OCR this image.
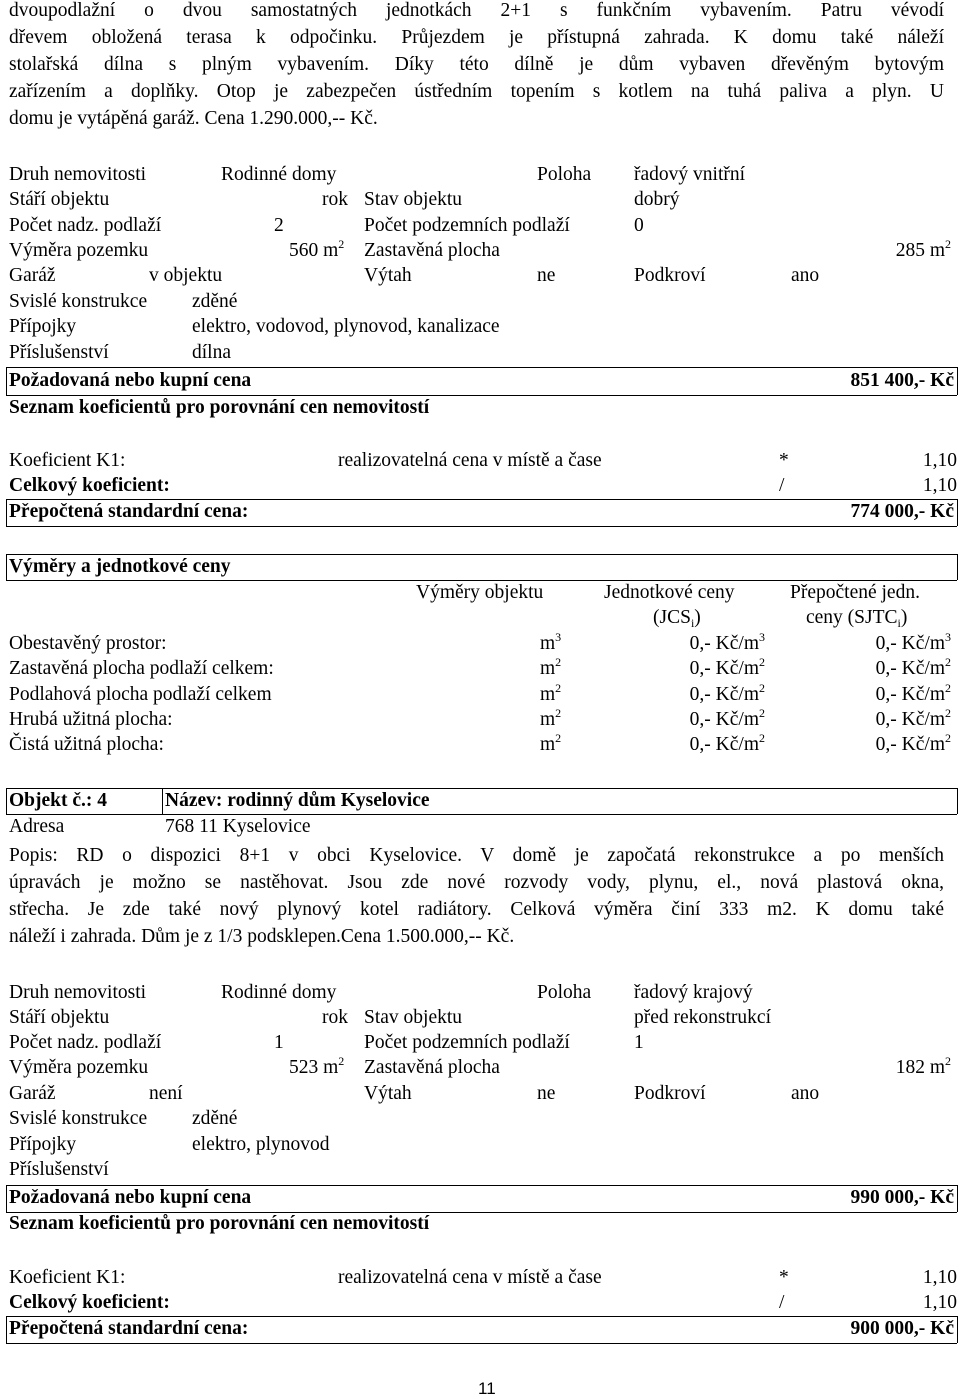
dvoupodlažní o dvou samostatných jednotkách 2+1 s funkčním vybavením. Patru vévodí
dřevem obložená terasa k odpočinku. Průjezdem je přístupná zahrada. K domu také náleží
stolařská dílna s plným vybavením. Díky této dílně je dům vybaven dřevěným bytovým
zařízením a doplňky. Otop je zabezpečen ústředním topením s kotlem na tuhá paliva a plyn. U
domu je vytápěná garáž. Cena 1.290.000,-- Kč.
Druh nemovitosti	Rodinné domy	Poloha řadový vnitřní
Stáří objektu	rok Stav objektu	dobrý
Počet nadz. podlaží	2	Počet podzemních podlaží	0
Výměra pozemku	560 $m^2$ Zastavěná plocha	285 $m^2$
Garáž	v objektu	Výtah	ne	Podkroví	ano
Svislé konstrukce zděné
Přípojky	elektro, vodovod, plynovod, kanalizace
Příslušenství	dílna
Požadovaná nebo kupní cena	851 400,- Kč
Seznam koeficientů pro porovnání cen nemovitostí
Koeficient K1:	realizovatelná cena v místě a čase	*	1,10
Celkový koeficient:	/	1,10
Přepočtená standardní cena:	774 000,- Kč
Výměry a jednotkové ceny
Výměry objektu	Jednotkové ceny	Přepočtené jedn.
$(JCS_i)$	ceny $(SJTC_i)$
Obestavěný prostor:	$m^3$	0,- $Kč/m^3$	0,- $Kč/m^3$
Zastavěná plocha podlaží celkem:	$m^2$	0,- $Kč/m^2$	0,- $Kč/m^2$
Podlahová plocha podlaží celkem	$m^2$	0,- $Kč/m^2$	0,- $Kč/m^2$
Hrubá užitná plocha:	$m^2$	0,- $Kč/m^2$	0,- $Kč/m^2$
Čistá užitná plocha:	$m^2$	0,- $Kč/m^2$	0,- $Kč/m^2$
Objekt č.: 4	Název: rodinný dům Kyselovice
Adresa	768 11 Kyselovice
Popis: RD o dispozici 8+1 v obci Kyselovice. V domě je započatá rekonstrukce a po menších
úpravách je možno se nastěhovat. Jsou zde nové rozvody vody, plynu, el., nová plastová okna,
střecha. Je zde také nový plynový kotel radiátory. Celková výměra činí 333 m2. K domu také
náleží i zahrada. Dům je z 1/3 podsklepen.Cena 1.500.000,-- Kč.
Druh nemovitosti	Rodinné domy	Poloha řadový krajový
Stáří objektu	rok Stav objektu	před rekonstrukcí
Počet nadz. podlaží	1	Počet podzemních podlaží	1
Výměra pozemku	523 $m^2$ Zastavěná plocha	182 $m^2$
Garáž	není	Výtah	ne	Podkroví	ano
Svislé konstrukce zděné
Přípojky	elektro, plynovod
Příslušenství
Požadovaná nebo kupní cena	990 000,- Kč
Seznam koeficientů pro porovnání cen nemovitostí
Koeficient K1:	realizovatelná cena v místě a čase	*	1,10
Celkový koeficient:	/	1,10
Přepočtená standardní cena:	900 000,- Kč
11
